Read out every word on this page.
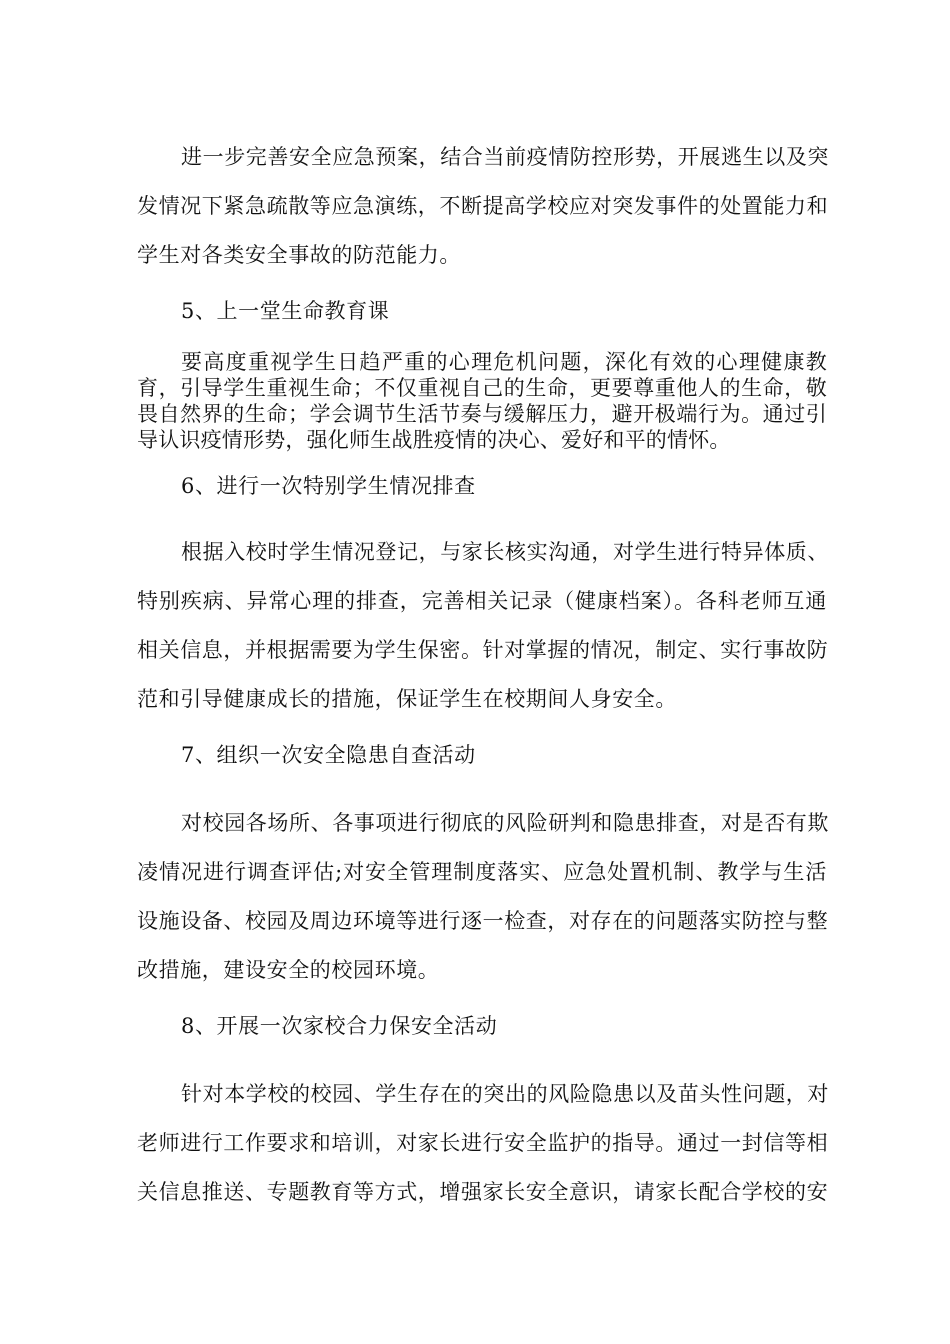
进一步完善安全应急预案，结合当前疫情防控形势，开展逃生以及突
发情况下紧急疏散等应急演练，不断提高学校应对突发事件的处置能力和
学生对各类安全事故的防范能力。
5、上一堂生命教育课
要高度重视学生日趋严重的心理危机问题，深化有效的心理健康教
育，引导学生重视生命；不仅重视自己的生命，更要尊重他人的生命，敬
畏自然界的生命；学会调节生活节奏与缓解压力，避开极端行为。通过引
导认识疫情形势，强化师生战胜疫情的决心、爱好和平的情怀。
6、进行一次特别学生情况排查
根据入校时学生情况登记，与家长核实沟通，对学生进行特异体质、
特别疾病、异常心理的排查，完善相关记录（健康档案）。各科老师互通
相关信息，并根据需要为学生保密。针对掌握的情况，制定、实行事故防
范和引导健康成长的措施，保证学生在校期间人身安全。
7、组织一次安全隐患自查活动
对校园各场所、各事项进行彻底的风险研判和隐患排查，对是否有欺
凌情况进行调查评估;对安全管理制度落实、应急处置机制、教学与生活
设施设备、校园及周边环境等进行逐一检查，对存在的问题落实防控与整
改措施，建设安全的校园环境。
8、开展一次家校合力保安全活动
针对本学校的校园、学生存在的突出的风险隐患以及苗头性问题，对
老师进行工作要求和培训，对家长进行安全监护的指导。通过一封信等相
关信息推送、专题教育等方式，增强家长安全意识，请家长配合学校的安
